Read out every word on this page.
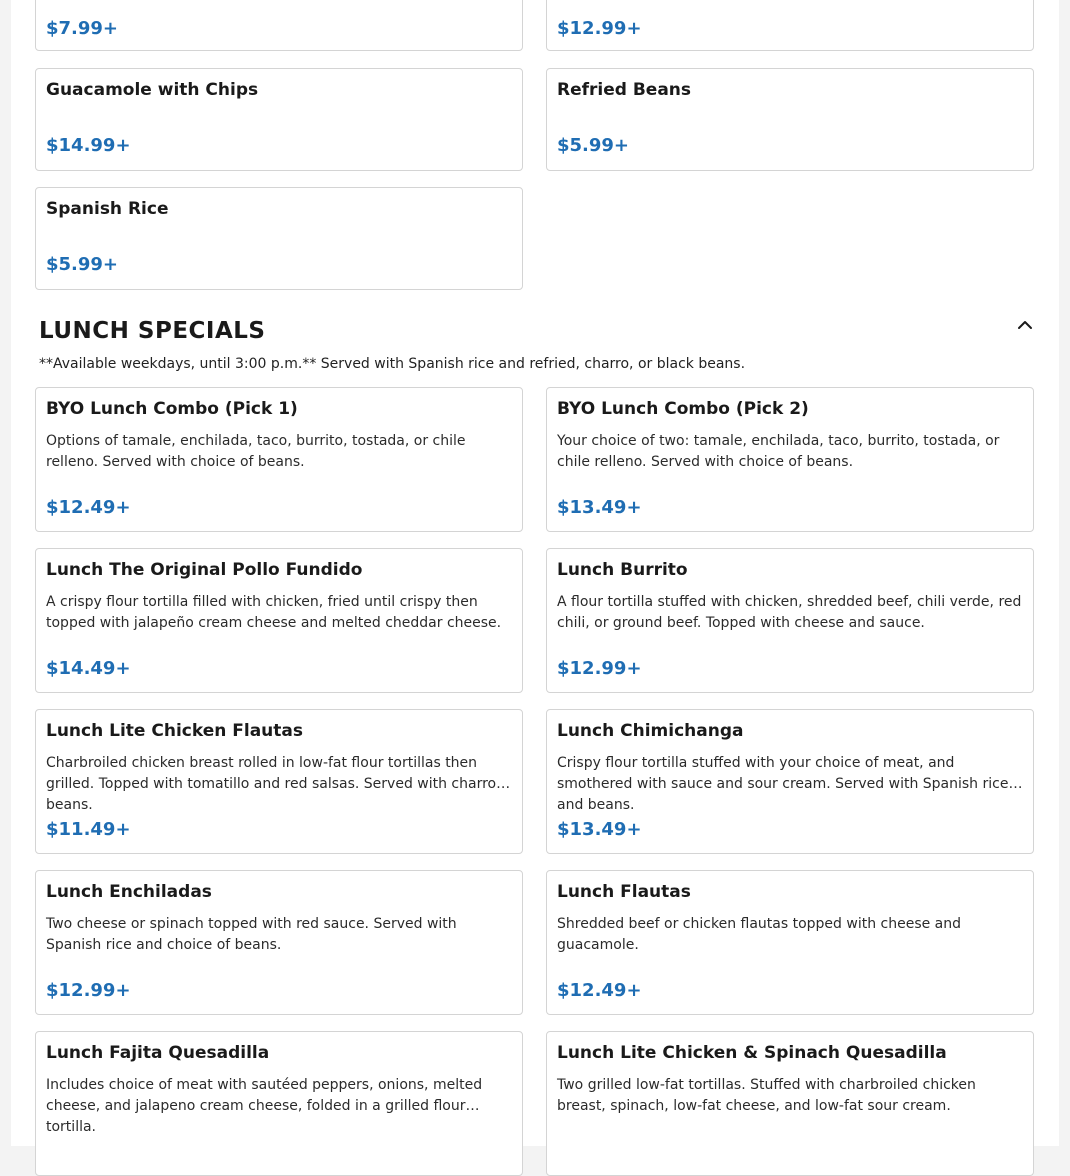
$7.99+	$12.99+
Guacamole with Chips
$14.99+
Refried Beans
$5.99+
Spanish Rice
$5.99+
LUNCH SPECIALS
**Available weekdays, until 3:00 p.m.** Served with Spanish rice and refried, charro, or black beans.
BYO Lunch Combo (Pick 1)
Options of tamale, enchilada, taco, burrito, tostada, or chile relleno. Served with choice of beans.
$12.49+
BYO Lunch Combo (Pick 2)
Your choice of two: tamale, enchilada, taco, burrito, tostada, or chile relleno. Served with choice of beans.
$13.49+
Lunch The Original Pollo Fundido
A crispy flour tortilla filled with chicken, fried until crispy then topped with jalapeño cream cheese and melted cheddar cheese.
$14.49+
Lunch Burrito
A flour tortilla stuffed with chicken, shredded beef, chili verde, red chili, or ground beef. Topped with cheese and sauce.
$12.99+
Lunch Lite Chicken Flautas
Charbroiled chicken breast rolled in low-fat flour tortillas then grilled. Topped with tomatillo and red salsas. Served with charro beans.
$11.49+
Lunch Chimichanga
Crispy flour tortilla stuffed with your choice of meat, and smothered with sauce and sour cream. Served with Spanish rice and beans.
$13.49+
Lunch Enchiladas
Two cheese or spinach topped with red sauce. Served with Spanish rice and choice of beans.
$12.99+
Lunch Flautas
Shredded beef or chicken flautas topped with cheese and guacamole.
$12.49+
Lunch Fajita Quesadilla
Includes choice of meat with sautéed peppers, onions, melted cheese, and jalapeno cream cheese, folded in a grilled flour tortilla.
Lunch Lite Chicken & Spinach Quesadilla
Two grilled low-fat tortillas. Stuffed with charbroiled chicken breast, spinach, low-fat cheese, and low-fat sour cream.
